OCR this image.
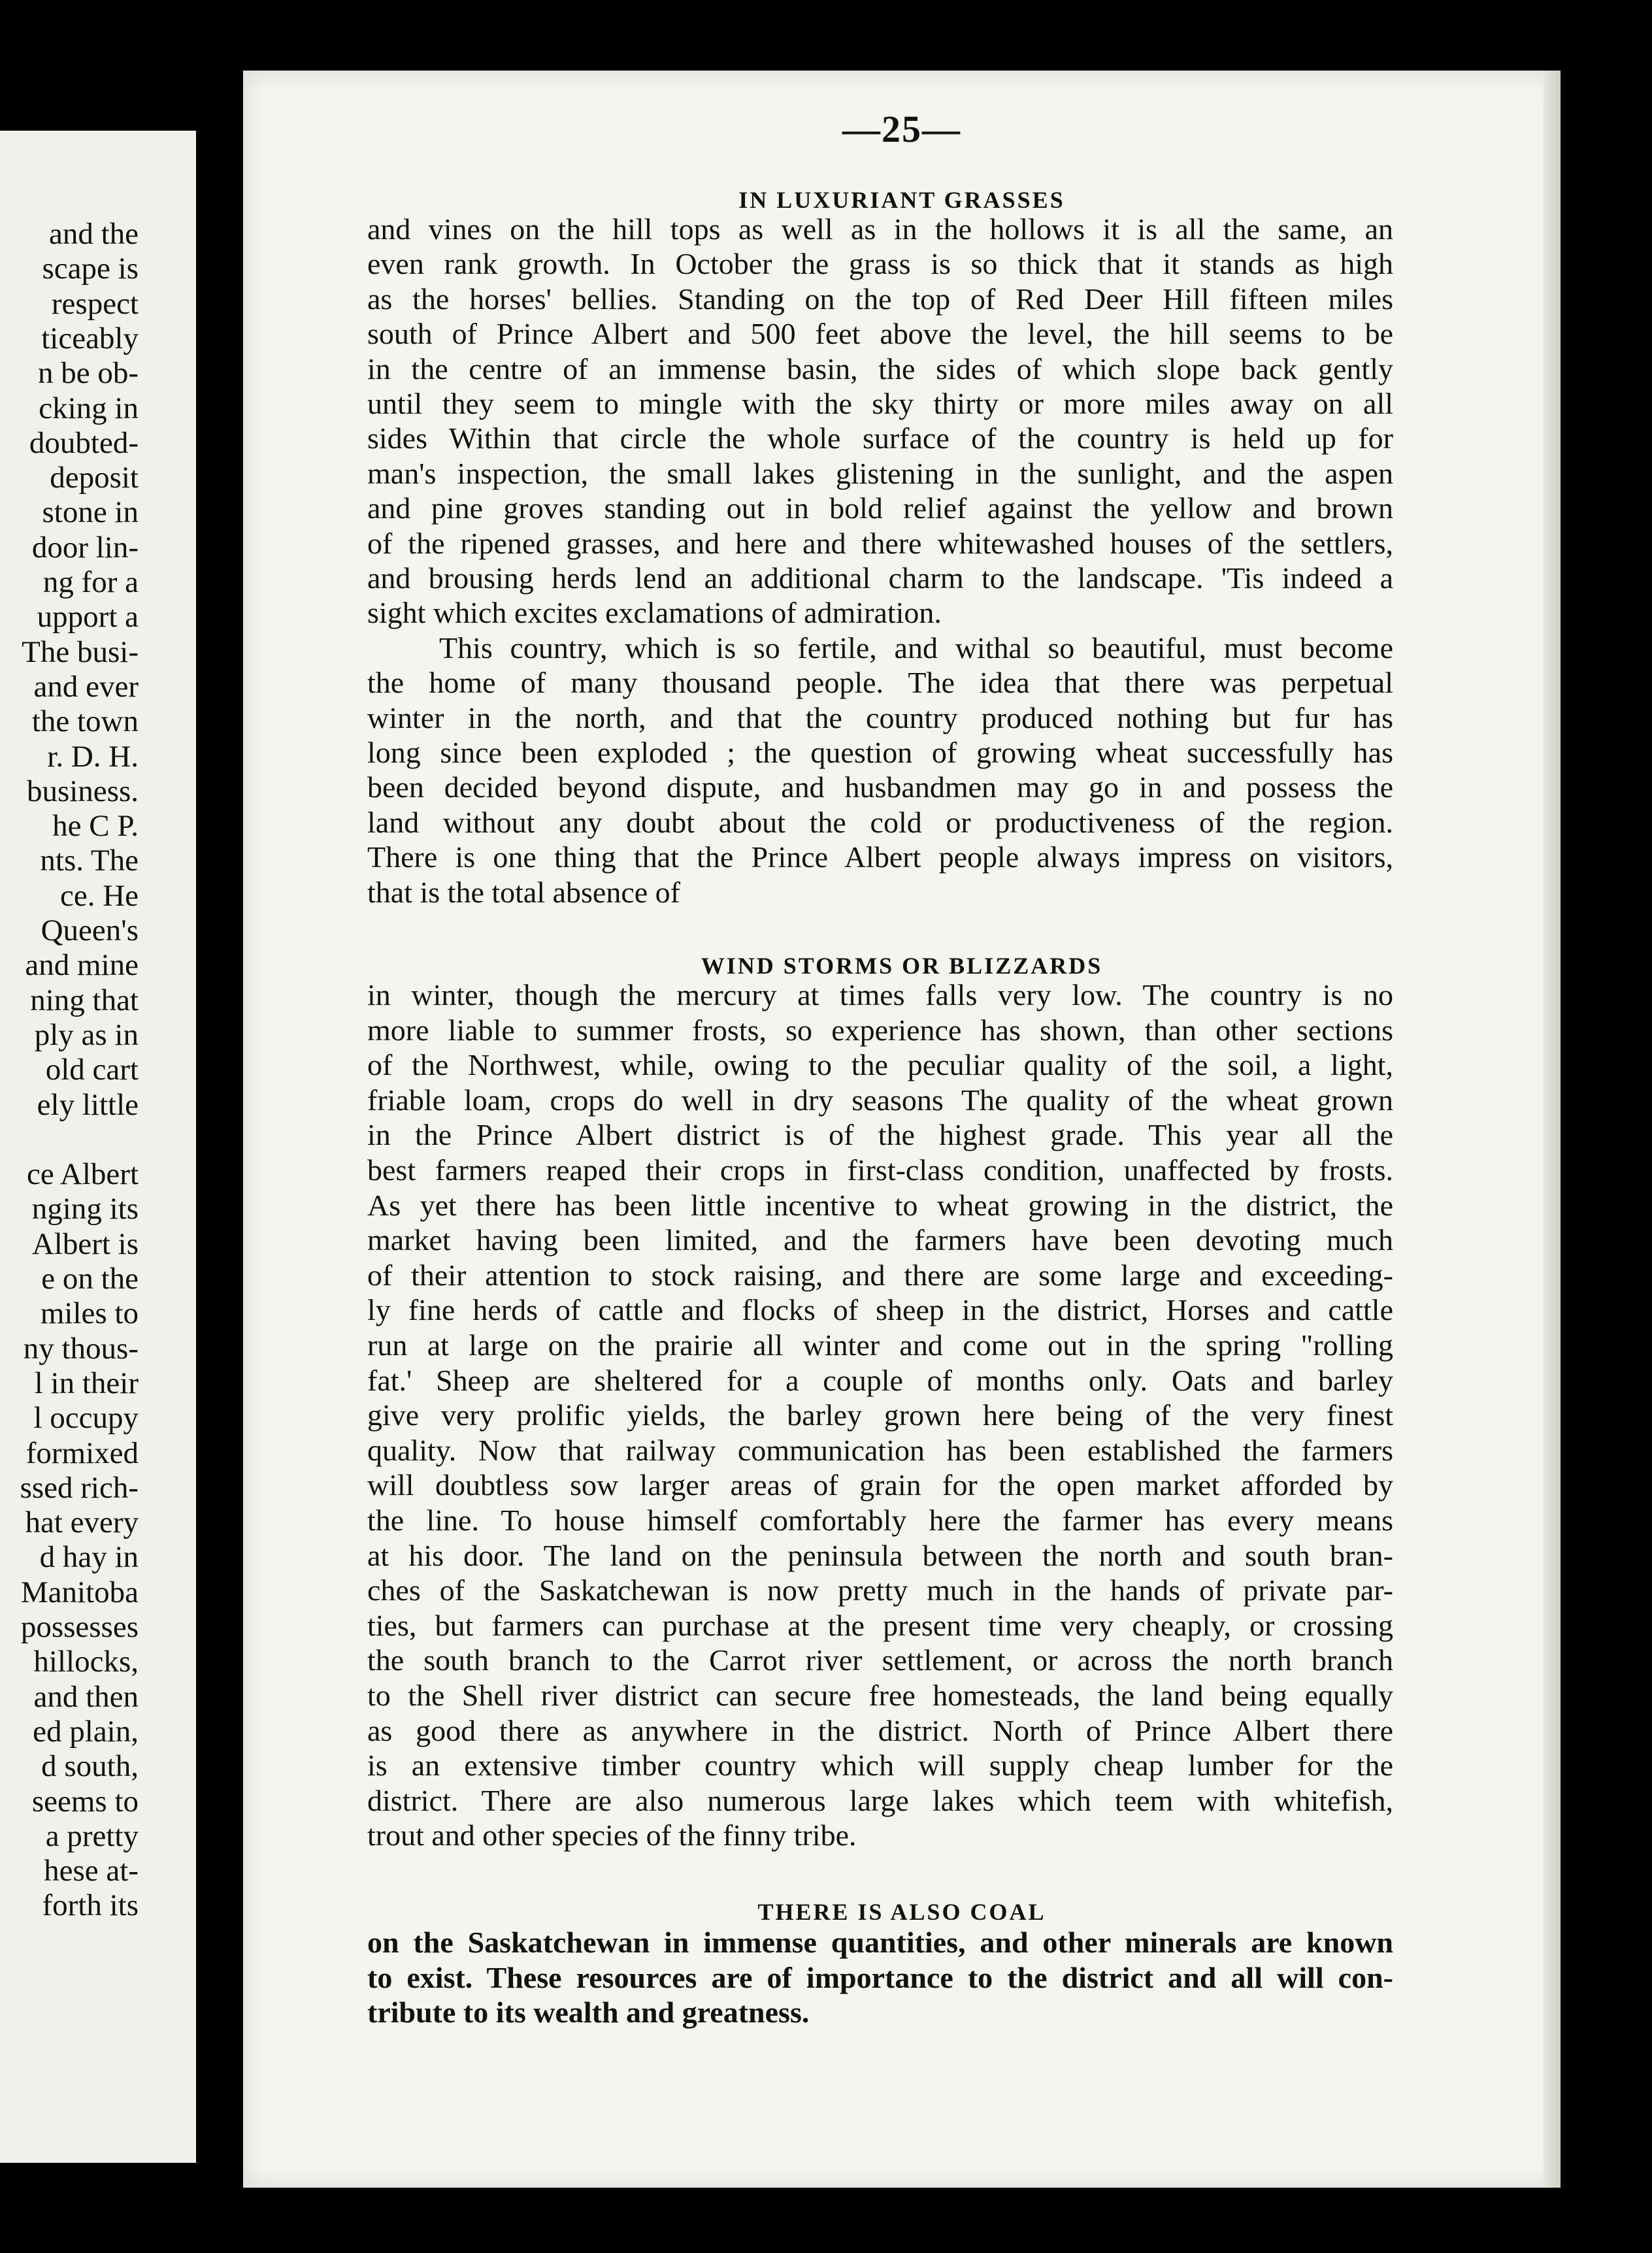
and the
scape is
respect
ticeably
n be ob-
cking in
doubted-
deposit
stone in
door lin-
ng for a
upport a
The busi-
and ever
the town
r. D. H.
business.
he C P.
nts. The
ce. He
Queen's
and mine
ning that
ply as in
old cart
ely little
ce Albert
nging its
Albert is
e on the
miles to
ny thous-
l in their
l occupy
formixed
ssed rich-
hat every
d hay in
Manitoba
possesses
hillocks,
and then
ed plain,
d south,
seems to
a pretty
hese at-
forth its
—25—
IN LUXURIANT GRASSES
and vines on the hill tops as well as in the hollows it is all the same, an
even rank growth. In October the grass is so thick that it stands as high
as the horses' bellies. Standing on the top of Red Deer Hill fifteen miles
south of Prince Albert and 500 feet above the level, the hill seems to be
in the centre of an immense basin, the sides of which slope back gently
until they seem to mingle with the sky thirty or more miles away on all
sides Within that circle the whole surface of the country is held up for
man's inspection, the small lakes glistening in the sunlight, and the aspen
and pine groves standing out in bold relief against the yellow and brown
of the ripened grasses, and here and there whitewashed houses of the settlers,
and brousing herds lend an additional charm to the landscape. 'Tis indeed a
sight which excites exclamations of admiration.
This country, which is so fertile, and withal so beautiful, must become
the home of many thousand people. The idea that there was perpetual
winter in the north, and that the country produced nothing but fur has
long since been exploded ; the question of growing wheat successfully has
been decided beyond dispute, and husbandmen may go in and possess the
land without any doubt about the cold or productiveness of the region.
There is one thing that the Prince Albert people always impress on visitors,
that is the total absence of
WIND STORMS OR BLIZZARDS
in winter, though the mercury at times falls very low. The country is no
more liable to summer frosts, so experience has shown, than other sections
of the Northwest, while, owing to the peculiar quality of the soil, a light,
friable loam, crops do well in dry seasons The quality of the wheat grown
in the Prince Albert district is of the highest grade. This year all the
best farmers reaped their crops in first-class condition, unaffected by frosts.
As yet there has been little incentive to wheat growing in the district, the
market having been limited, and the farmers have been devoting much
of their attention to stock raising, and there are some large and exceeding-
ly fine herds of cattle and flocks of sheep in the district, Horses and cattle
run at large on the prairie all winter and come out in the spring "rolling
fat.' Sheep are sheltered for a couple of months only. Oats and barley
give very prolific yields, the barley grown here being of the very finest
quality. Now that railway communication has been established the farmers
will doubtless sow larger areas of grain for the open market afforded by
the line. To house himself comfortably here the farmer has every means
at his door. The land on the peninsula between the north and south bran-
ches of the Saskatchewan is now pretty much in the hands of private par-
ties, but farmers can purchase at the present time very cheaply, or crossing
the south branch to the Carrot river settlement, or across the north branch
to the Shell river district can secure free homesteads, the land being equally
as good there as anywhere in the district. North of Prince Albert there
is an extensive timber country which will supply cheap lumber for the
district. There are also numerous large lakes which teem with whitefish,
trout and other species of the finny tribe.
THERE IS ALSO COAL
on the Saskatchewan in immense quantities, and other minerals are known
to exist. These resources are of importance to the district and all will con-
tribute to its wealth and greatness.
